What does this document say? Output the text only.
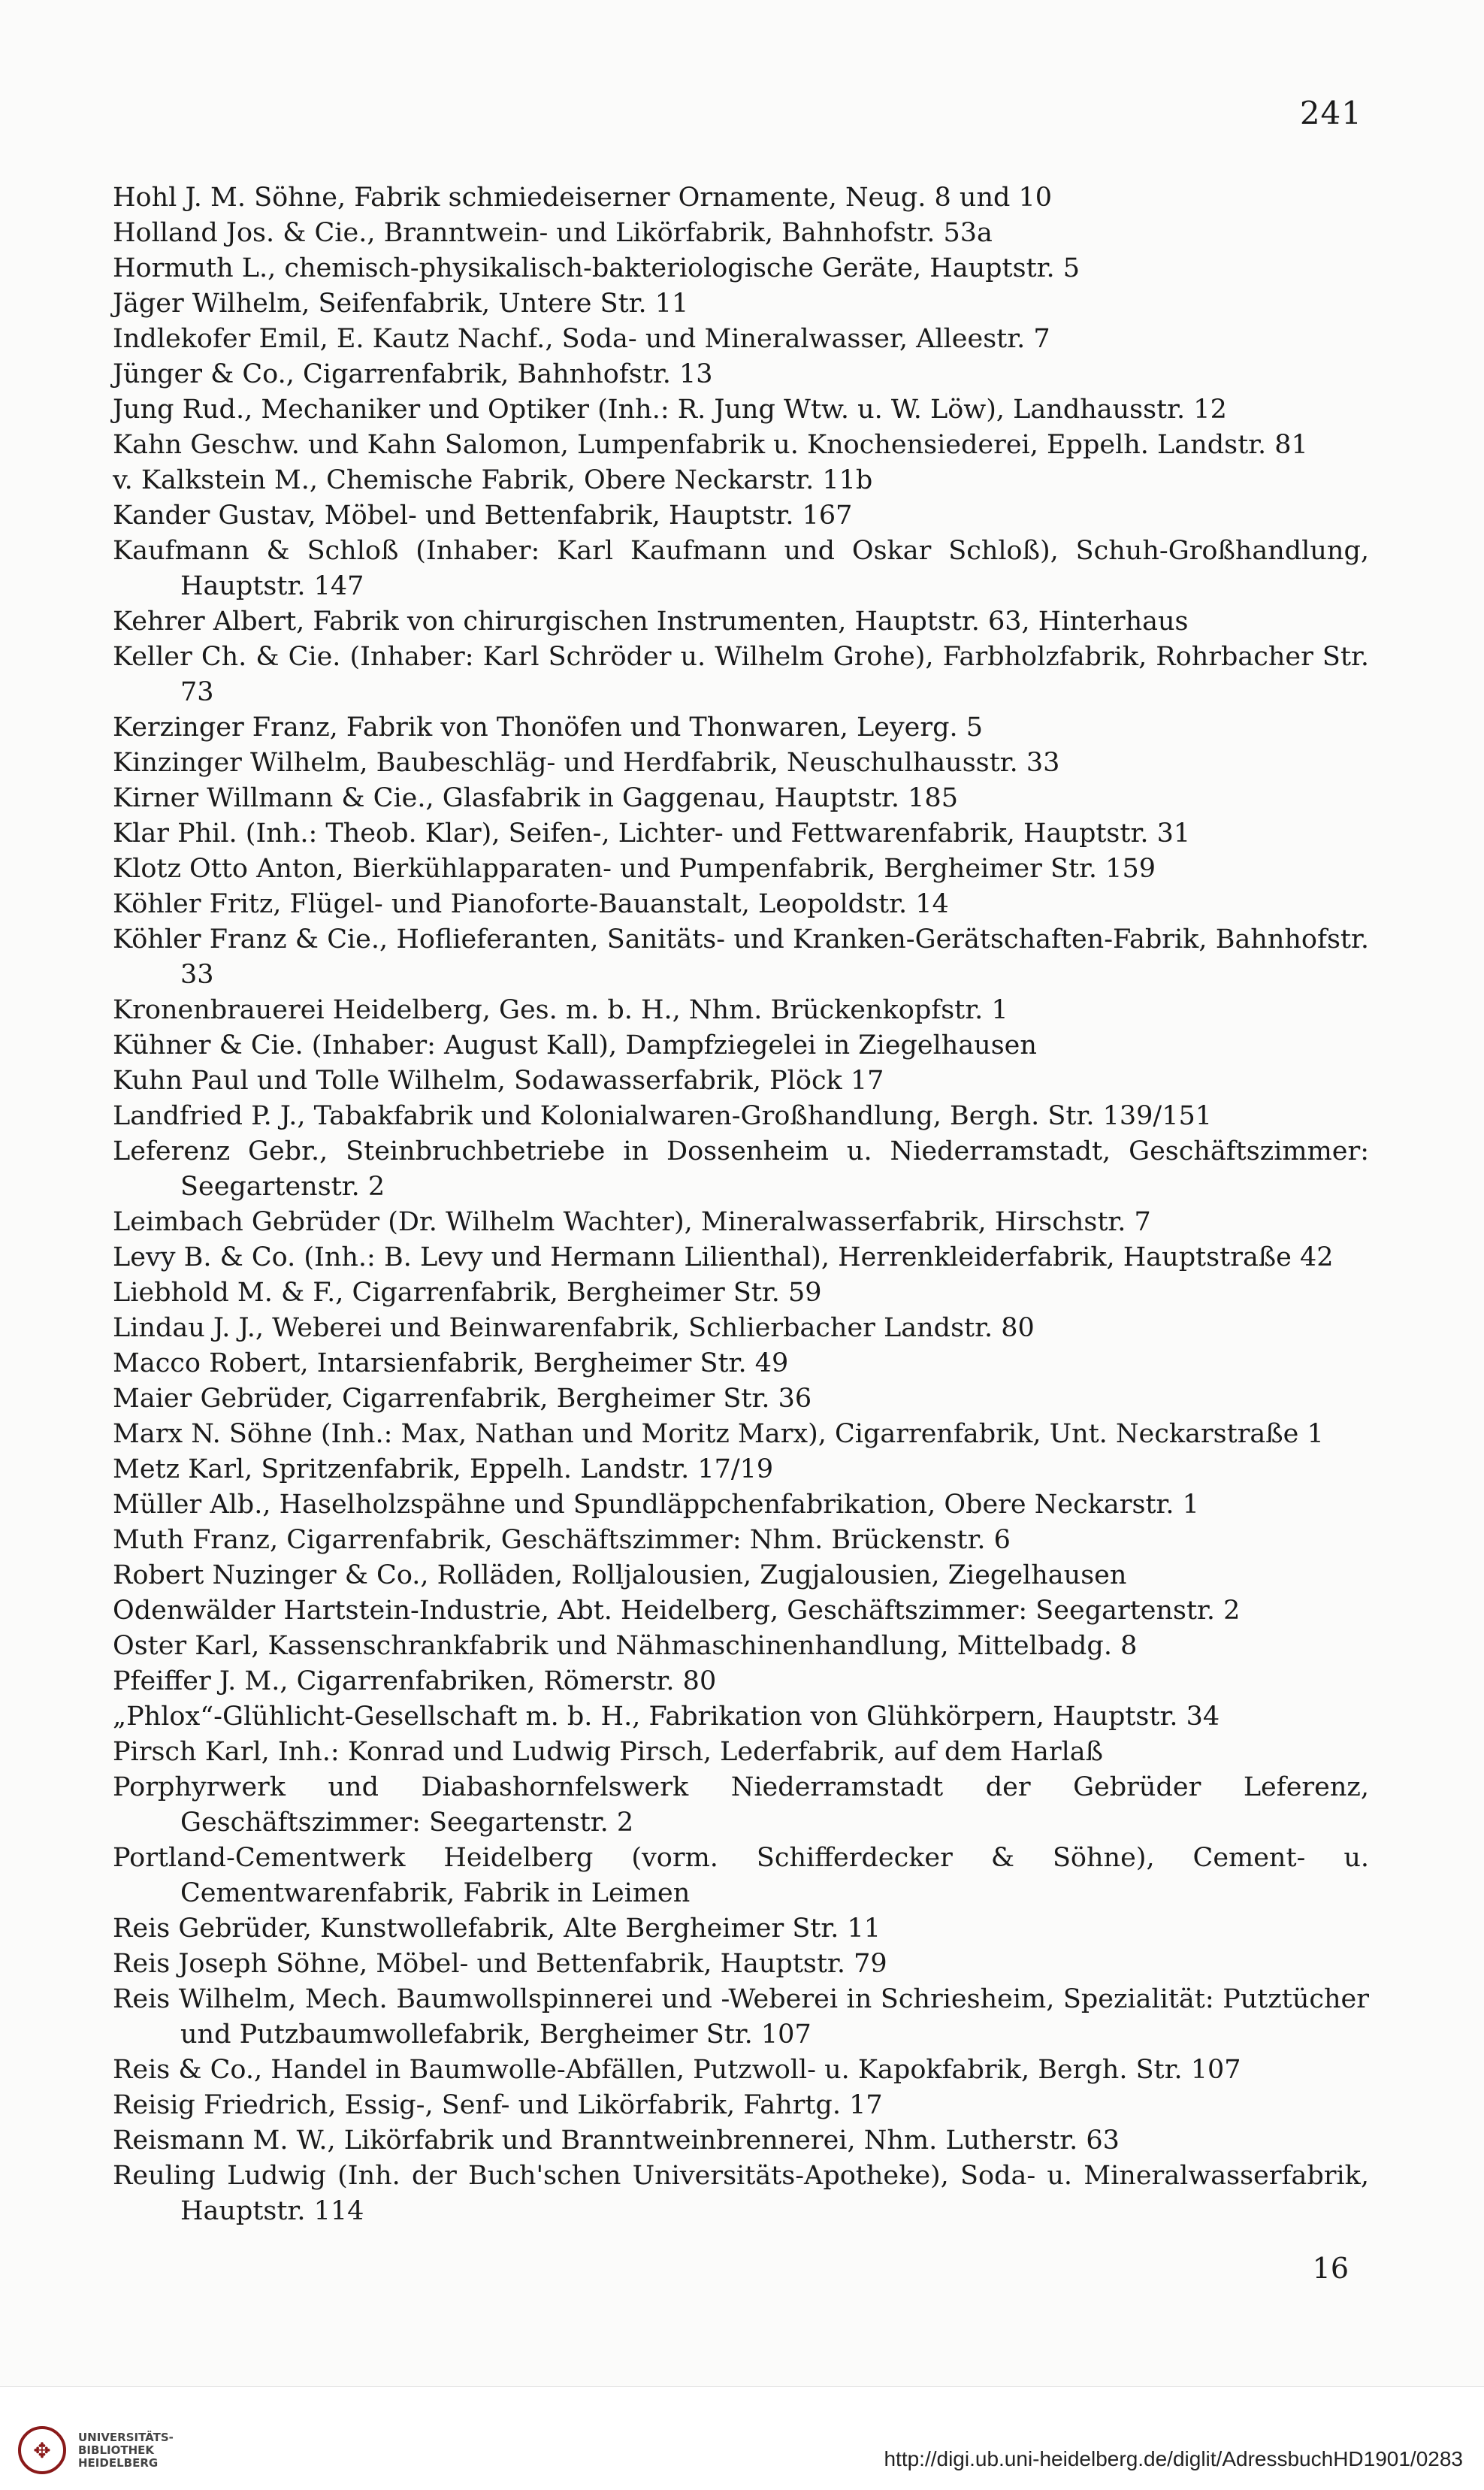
241
Hohl J. M. Söhne, Fabrik schmiedeiserner Ornamente, Neug. 8 und 10
Holland Jos. & Cie., Branntwein- und Likörfabrik, Bahnhofstr. 53a
Hormuth L., chemisch-physikalisch-bakteriologische Geräte, Hauptstr. 5
Jäger Wilhelm, Seifenfabrik, Untere Str. 11
Indlekofer Emil, E. Kautz Nachf., Soda- und Mineralwasser, Alleestr. 7
Jünger & Co., Cigarrenfabrik, Bahnhofstr. 13
Jung Rud., Mechaniker und Optiker (Inh.: R. Jung Wtw. u. W. Löw), Landhausstr. 12
Kahn Geschw. und Kahn Salomon, Lumpenfabrik u. Knochensiederei, Eppelh. Landstr. 81
v. Kalkstein M., Chemische Fabrik, Obere Neckarstr. 11b
Kander Gustav, Möbel- und Bettenfabrik, Hauptstr. 167
Kaufmann & Schloß (Inhaber: Karl Kaufmann und Oskar Schloß), Schuh-Großhandlung, Hauptstr. 147
Kehrer Albert, Fabrik von chirurgischen Instrumenten, Hauptstr. 63, Hinterhaus
Keller Ch. & Cie. (Inhaber: Karl Schröder u. Wilhelm Grohe), Farbholzfabrik, Rohrbacher Str. 73
Kerzinger Franz, Fabrik von Thonöfen und Thonwaren, Leyerg. 5
Kinzinger Wilhelm, Baubeschläg- und Herdfabrik, Neuschulhausstr. 33
Kirner Willmann & Cie., Glasfabrik in Gaggenau, Hauptstr. 185
Klar Phil. (Inh.: Theob. Klar), Seifen-, Lichter- und Fettwarenfabrik, Hauptstr. 31
Klotz Otto Anton, Bierkühlapparaten- und Pumpenfabrik, Bergheimer Str. 159
Köhler Fritz, Flügel- und Pianoforte-Bauanstalt, Leopoldstr. 14
Köhler Franz & Cie., Hoflieferanten, Sanitäts- und Kranken-Gerätschaften-Fabrik, Bahnhofstr. 33
Kronenbrauerei Heidelberg, Ges. m. b. H., Nhm. Brückenkopfstr. 1
Kühner & Cie. (Inhaber: August Kall), Dampfziegelei in Ziegelhausen
Kuhn Paul und Tolle Wilhelm, Sodawasserfabrik, Plöck 17
Landfried P. J., Tabakfabrik und Kolonialwaren-Großhandlung, Bergh. Str. 139/151
Leferenz Gebr., Steinbruchbetriebe in Dossenheim u. Niederramstadt, Geschäftszimmer: Seegartenstr. 2
Leimbach Gebrüder (Dr. Wilhelm Wachter), Mineralwasserfabrik, Hirschstr. 7
Levy B. & Co. (Inh.: B. Levy und Hermann Lilienthal), Herrenkleiderfabrik, Hauptstraße 42
Liebhold M. & F., Cigarrenfabrik, Bergheimer Str. 59
Lindau J. J., Weberei und Beinwarenfabrik, Schlierbacher Landstr. 80
Macco Robert, Intarsienfabrik, Bergheimer Str. 49
Maier Gebrüder, Cigarrenfabrik, Bergheimer Str. 36
Marx N. Söhne (Inh.: Max, Nathan und Moritz Marx), Cigarrenfabrik, Unt. Neckarstraße 1
Metz Karl, Spritzenfabrik, Eppelh. Landstr. 17/19
Müller Alb., Haselholzspähne und Spundläppchenfabrikation, Obere Neckarstr. 1
Muth Franz, Cigarrenfabrik, Geschäftszimmer: Nhm. Brückenstr. 6
Robert Nuzinger & Co., Rolläden, Rolljalousien, Zugjalousien, Ziegelhausen
Odenwälder Hartstein-Industrie, Abt. Heidelberg, Geschäftszimmer: Seegartenstr. 2
Oster Karl, Kassenschrankfabrik und Nähmaschinenhandlung, Mittelbadg. 8
Pfeiffer J. M., Cigarrenfabriken, Römerstr. 80
„Phlox“-Glühlicht-Gesellschaft m. b. H., Fabrikation von Glühkörpern, Hauptstr. 34
Pirsch Karl, Inh.: Konrad und Ludwig Pirsch, Lederfabrik, auf dem Harlaß
Porphyrwerk und Diabashornfelswerk Niederramstadt der Gebrüder Leferenz, Geschäftszimmer: Seegartenstr. 2
Portland-Cementwerk Heidelberg (vorm. Schifferdecker & Söhne), Cement- u. Cementwarenfabrik, Fabrik in Leimen
Reis Gebrüder, Kunstwollefabrik, Alte Bergheimer Str. 11
Reis Joseph Söhne, Möbel- und Bettenfabrik, Hauptstr. 79
Reis Wilhelm, Mech. Baumwollspinnerei und -Weberei in Schriesheim, Spezialität: Putztücher und Putzbaumwollefabrik, Bergheimer Str. 107
Reis & Co., Handel in Baumwolle-Abfällen, Putzwoll- u. Kapokfabrik, Bergh. Str. 107
Reisig Friedrich, Essig-, Senf- und Likörfabrik, Fahrtg. 17
Reismann M. W., Likörfabrik und Branntweinbrennerei, Nhm. Lutherstr. 63
Reuling Ludwig (Inh. der Buch'schen Universitäts-Apotheke), Soda- u. Mineralwasserfabrik, Hauptstr. 114
16
✥
UNIVERSITÄTS-
BIBLIOTHEK
HEIDELBERG	http://digi.ub.uni-heidelberg.de/diglit/AdressbuchHD1901/0283
